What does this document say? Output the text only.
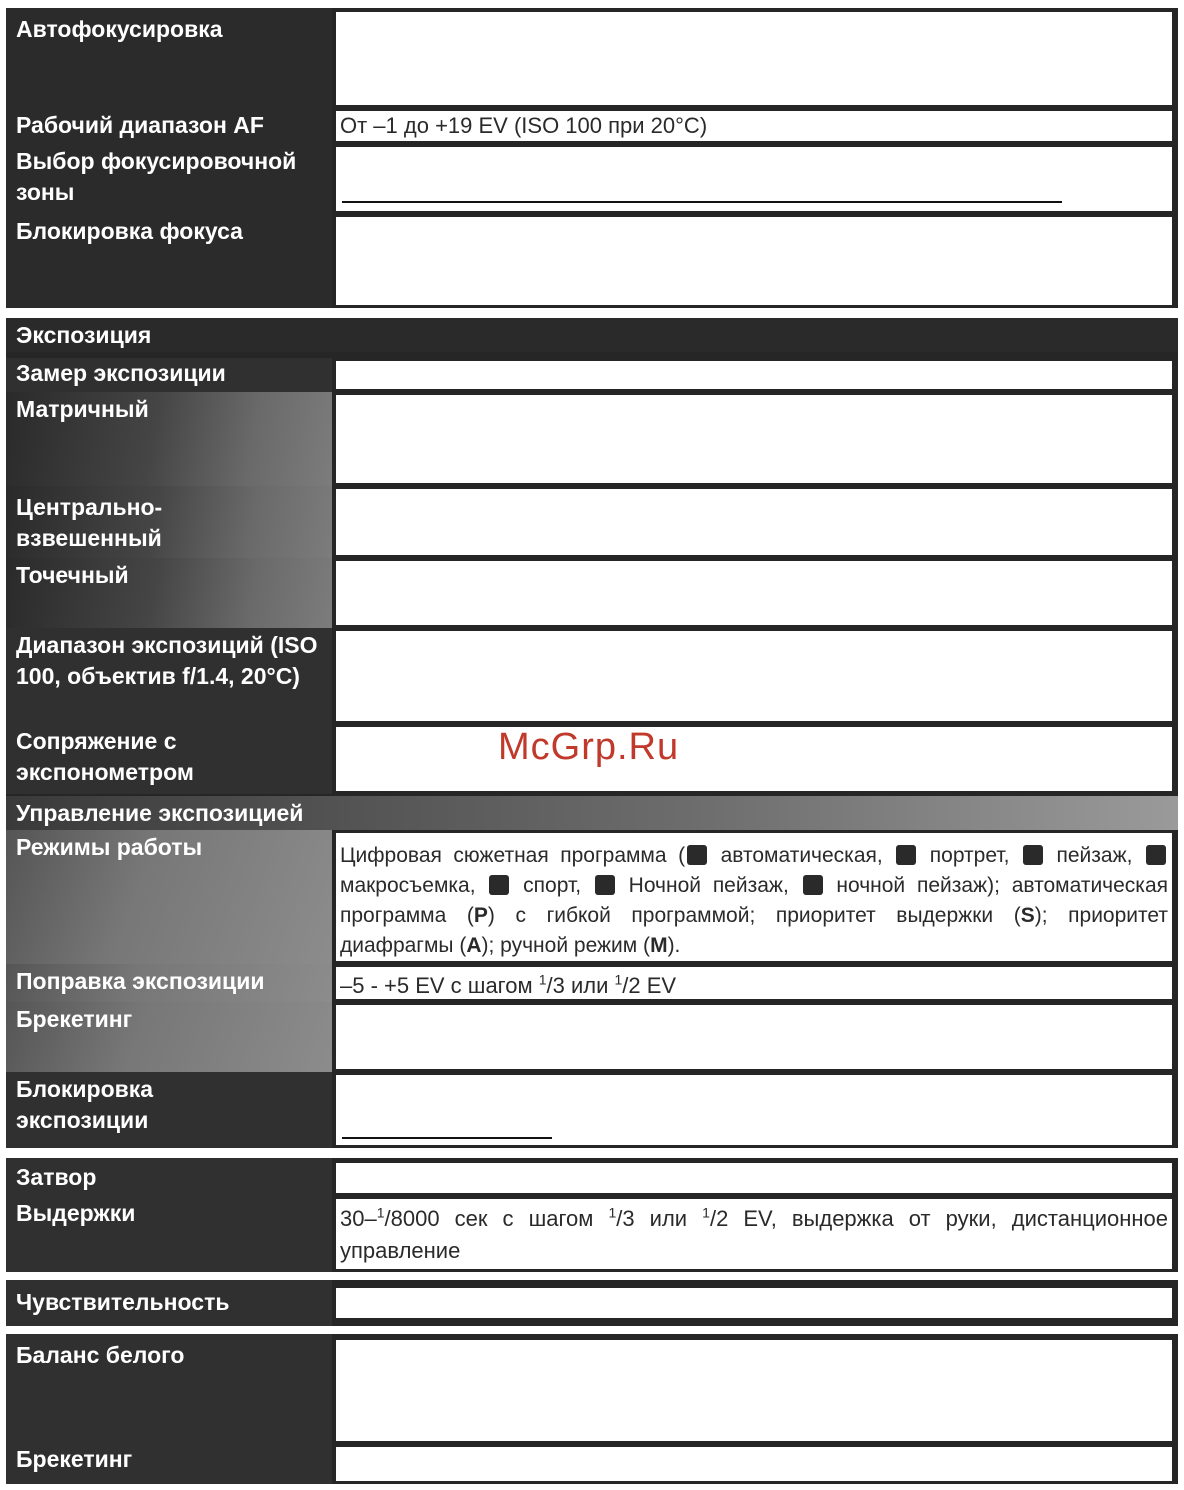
Автофокусировка
Рабочий диапазон AF	От –1 до +19 EV (ISO 100 при 20°C)
Выбор фокусировочной зоны
Блокировка фокуса
Экспозиция
Замер экспозиции
Матричный
Центрально-взвешенный
Точечный
Диапазон экспозиций (ISO 100, объектив f/1.4, 20°C)
Сопряжение с экспонометром
Управление экспозицией
Режимы работы	Цифровая сюжетная программа ( автоматическая,  портрет,  пейзаж,  макросъемка,  спорт,  Ночной пейзаж,  ночной пейзаж); автоматическая программа (P) с гибкой программой; приоритет выдержки (S); приоритет диафрагмы (A); ручной режим (M).
Поправка экспозиции	–5 - +5 EV с шагом $^1$/3 или $^1$/2 EV
Брекетинг
Блокировка экспозиции
Затвор
Выдержки	30–$^1$/8000 сек с шагом $^1$/3 или $^1$/2 EV, выдержка от руки, дистанционное управление
Чувствительность
Баланс белого
Брекетинг
McGrp.Ru
